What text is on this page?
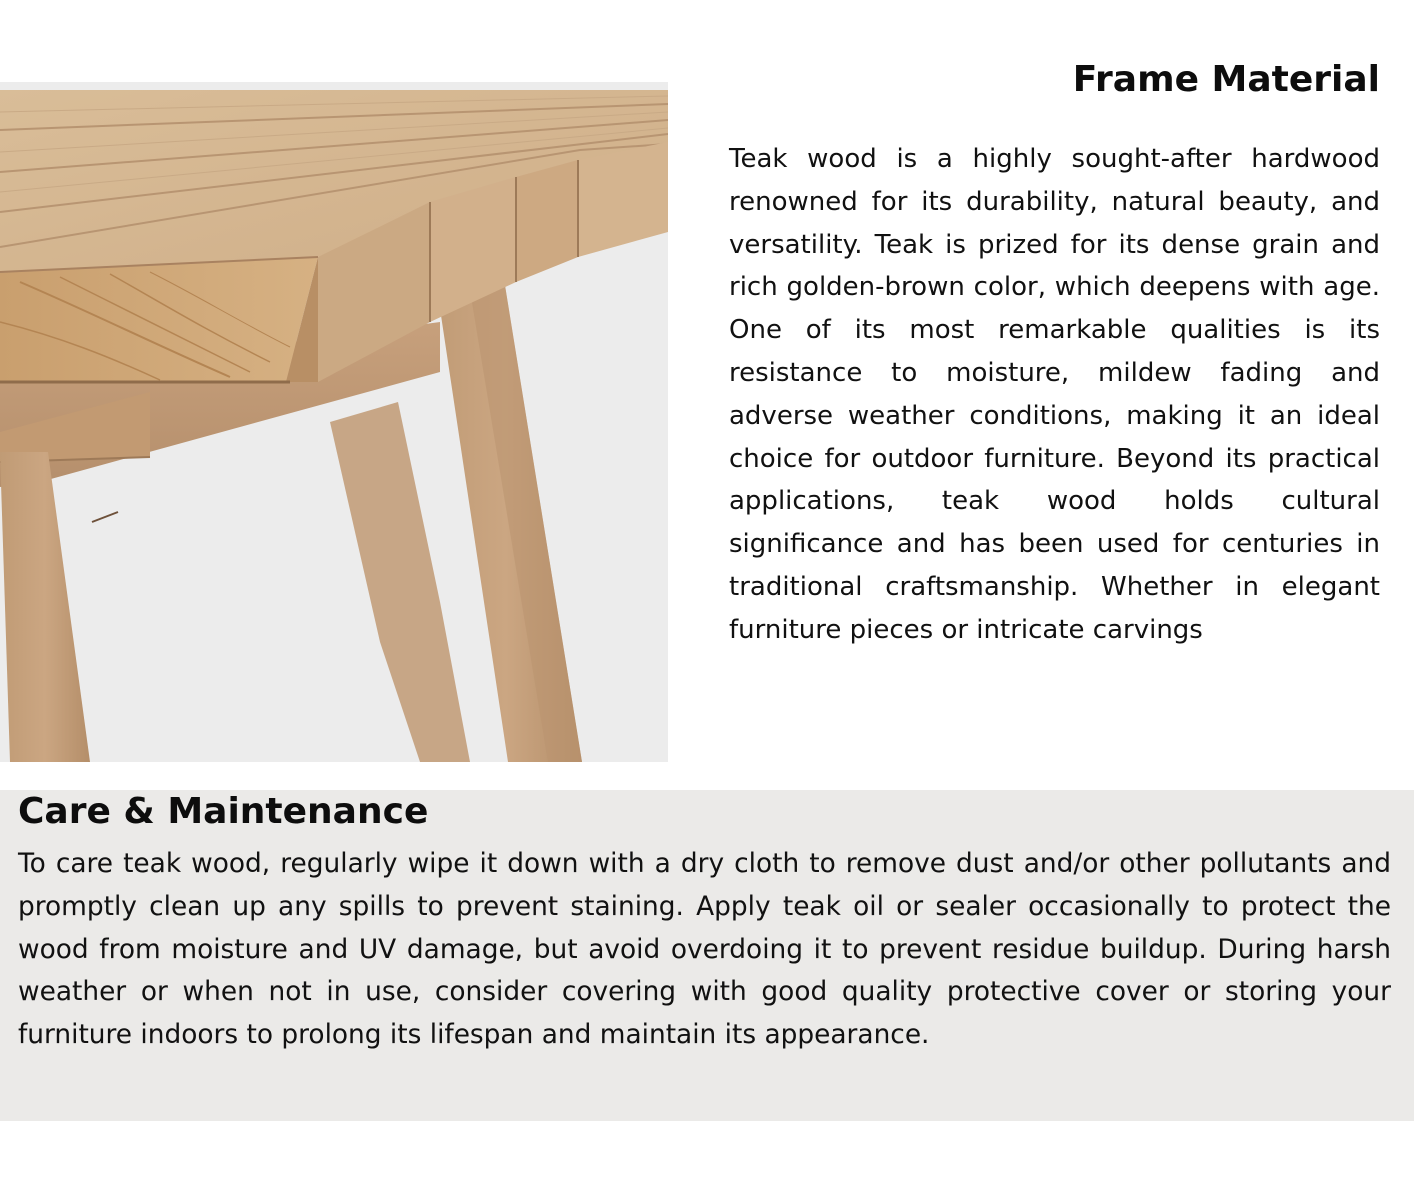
Frame Material

Teak wood is a highly sought-after hardwood renowned for its durability, natural beauty, and versatility. Teak is prized for its dense grain and rich golden-brown color, which deepens with age. One of its most remarkable qualities is its resistance to moisture, mildew fading and adverse weather conditions, making it an ideal choice for outdoor furniture. Beyond its practical applications, teak wood holds cultural significance and has been used for centuries in traditional craftsmanship. Whether in elegant furniture pieces or intricate carvings

Care & Maintenance

To care teak wood, regularly wipe it down with a dry cloth to remove dust and/or other pollutants and promptly clean up any spills to prevent staining. Apply teak oil or sealer occasionally to protect the wood from moisture and UV damage, but avoid overdoing it to prevent residue buildup. During harsh weather or when not in use, consider covering with good quality protective cover or storing your furniture indoors to prolong its lifespan and maintain its appearance.
